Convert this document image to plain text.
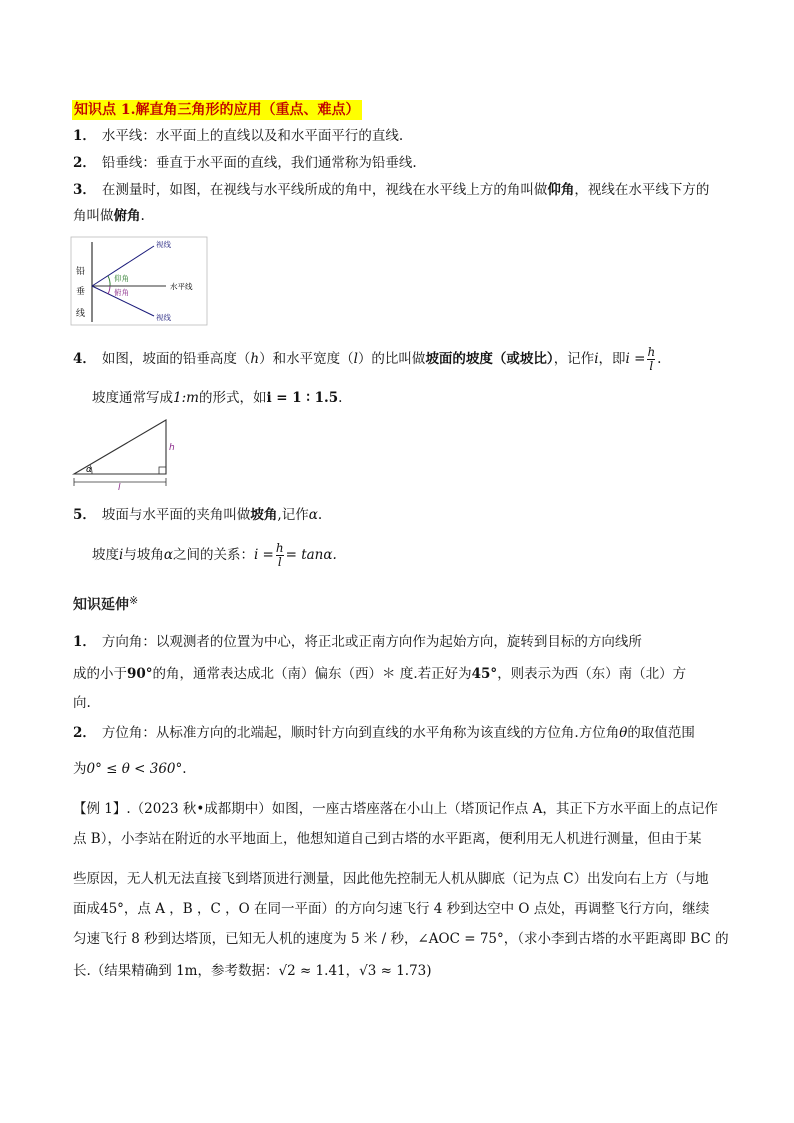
知识点 1.解直角三角形的应用（重点、难点）
1． 水平线：水平面上的直线以及和水平面平行的直线.
2． 铅垂线：垂直于水平面的直线，我们通常称为铅垂线.
3． 在测量时，如图，在视线与水平线所成的角中，视线在水平线上方的角叫做仰角，视线在水平线下方的
角叫做俯角.
铅
垂
线
视线
视线
仰角
俯角
水平线
4． 如图，坡面的铅垂高度（h）和水平宽度（l）的比叫做坡面的坡度（或坡比），记作i，即$i = \frac{h}{l}$ .
坡度通常写成1:m的形式，如i = 1 ∶ 1.5.
α
h
l
5． 坡面与水平面的夹角叫做坡角,记作α.
坡度i与坡角α之间的关系：$i = \frac{h}{l} = \tan\alpha$.
知识延伸※
1． 方向角：以观测者的位置为中心，将正北或正南方向作为起始方向，旋转到目标的方向线所
成的小于90°的角，通常表达成北（南）偏东（西）＊ 度.若正好为45°，则表示为西（东）南（北）方
向.
2． 方位角：从标准方向的北端起，顺时针方向到直线的水平角称为该直线的方位角.方位角θ的取值范围
为0° ≤ θ < 360°.
【例 1】.（2023 秋•成都期中）如图，一座古塔座落在小山上（塔顶记作点 A，其正下方水平面上的点记作
点 B），小李站在附近的水平地面上，他想知道自己到古塔的水平距离，便利用无人机进行测量，但由于某
些原因，无人机无法直接飞到塔顶进行测量，因此他先控制无人机从脚底（记为点 C）出发向右上方（与地
面成45°，点 A ，B ，C ，O 在同一平面）的方向匀速飞行 4 秒到达空中 O 点处，再调整飞行方向，继续
匀速飞行 8 秒到达塔顶，已知无人机的速度为 5 米 / 秒，∠AOC = 75°，（求小李到古塔的水平距离即 BC 的
长.（结果精确到 1m，参考数据：√2 ≈ 1.41，√3 ≈ 1.73)
